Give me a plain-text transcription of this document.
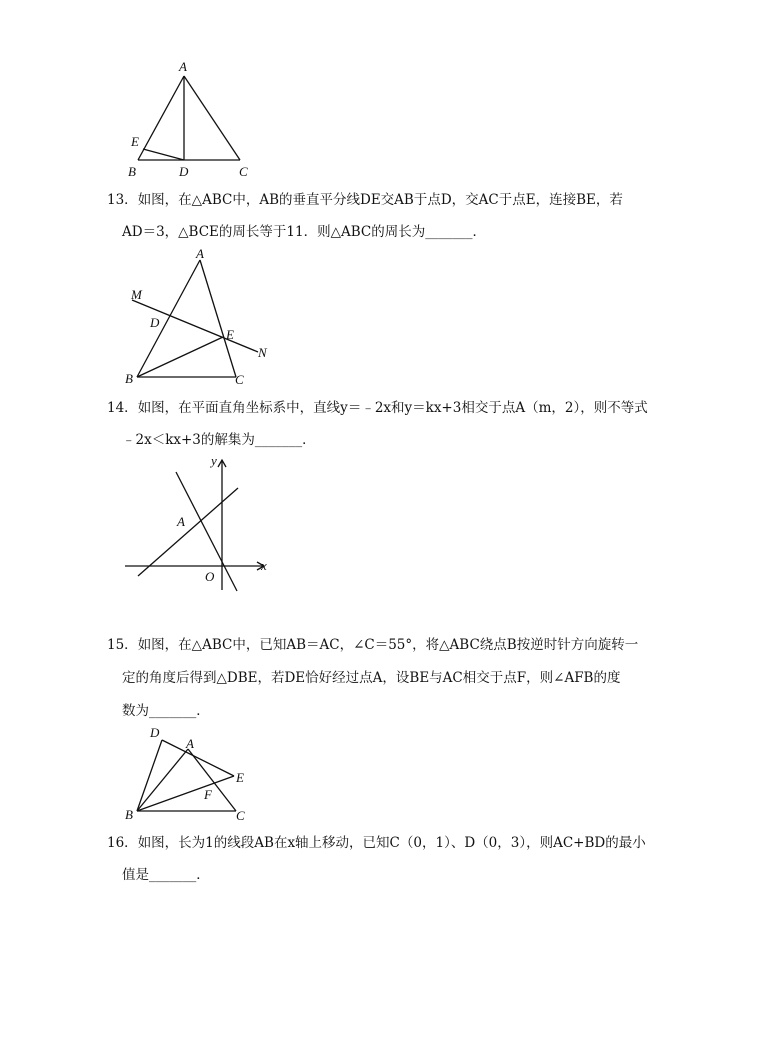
A
E
B	D	C
13．如图，在△ABC中，AB的垂直平分线DE交AB于点D，交AC于点E，连接BE，若
AD＝3，△BCE的周长等于11．则△ABC的周长为_______．
A
M
D
E
N
B	C
14．如图，在平面直角坐标系中，直线y＝﹣2x和y＝kx+3相交于点A（m，2），则不等式
﹣2x＜kx+3的解集为_______．
y
A
O
x
15．如图，在△ABC中，已知AB＝AC，∠C＝55°，将△ABC绕点B按逆时针方向旋转一
定的角度后得到△DBE，若DE恰好经过点A，设BE与AC相交于点F，则∠AFB的度
数为_______．
D
A
E
F
B	C
16．如图，长为1的线段AB在x轴上移动，已知C（0，1）、D（0，3），则AC+BD的最小
值是_______．
